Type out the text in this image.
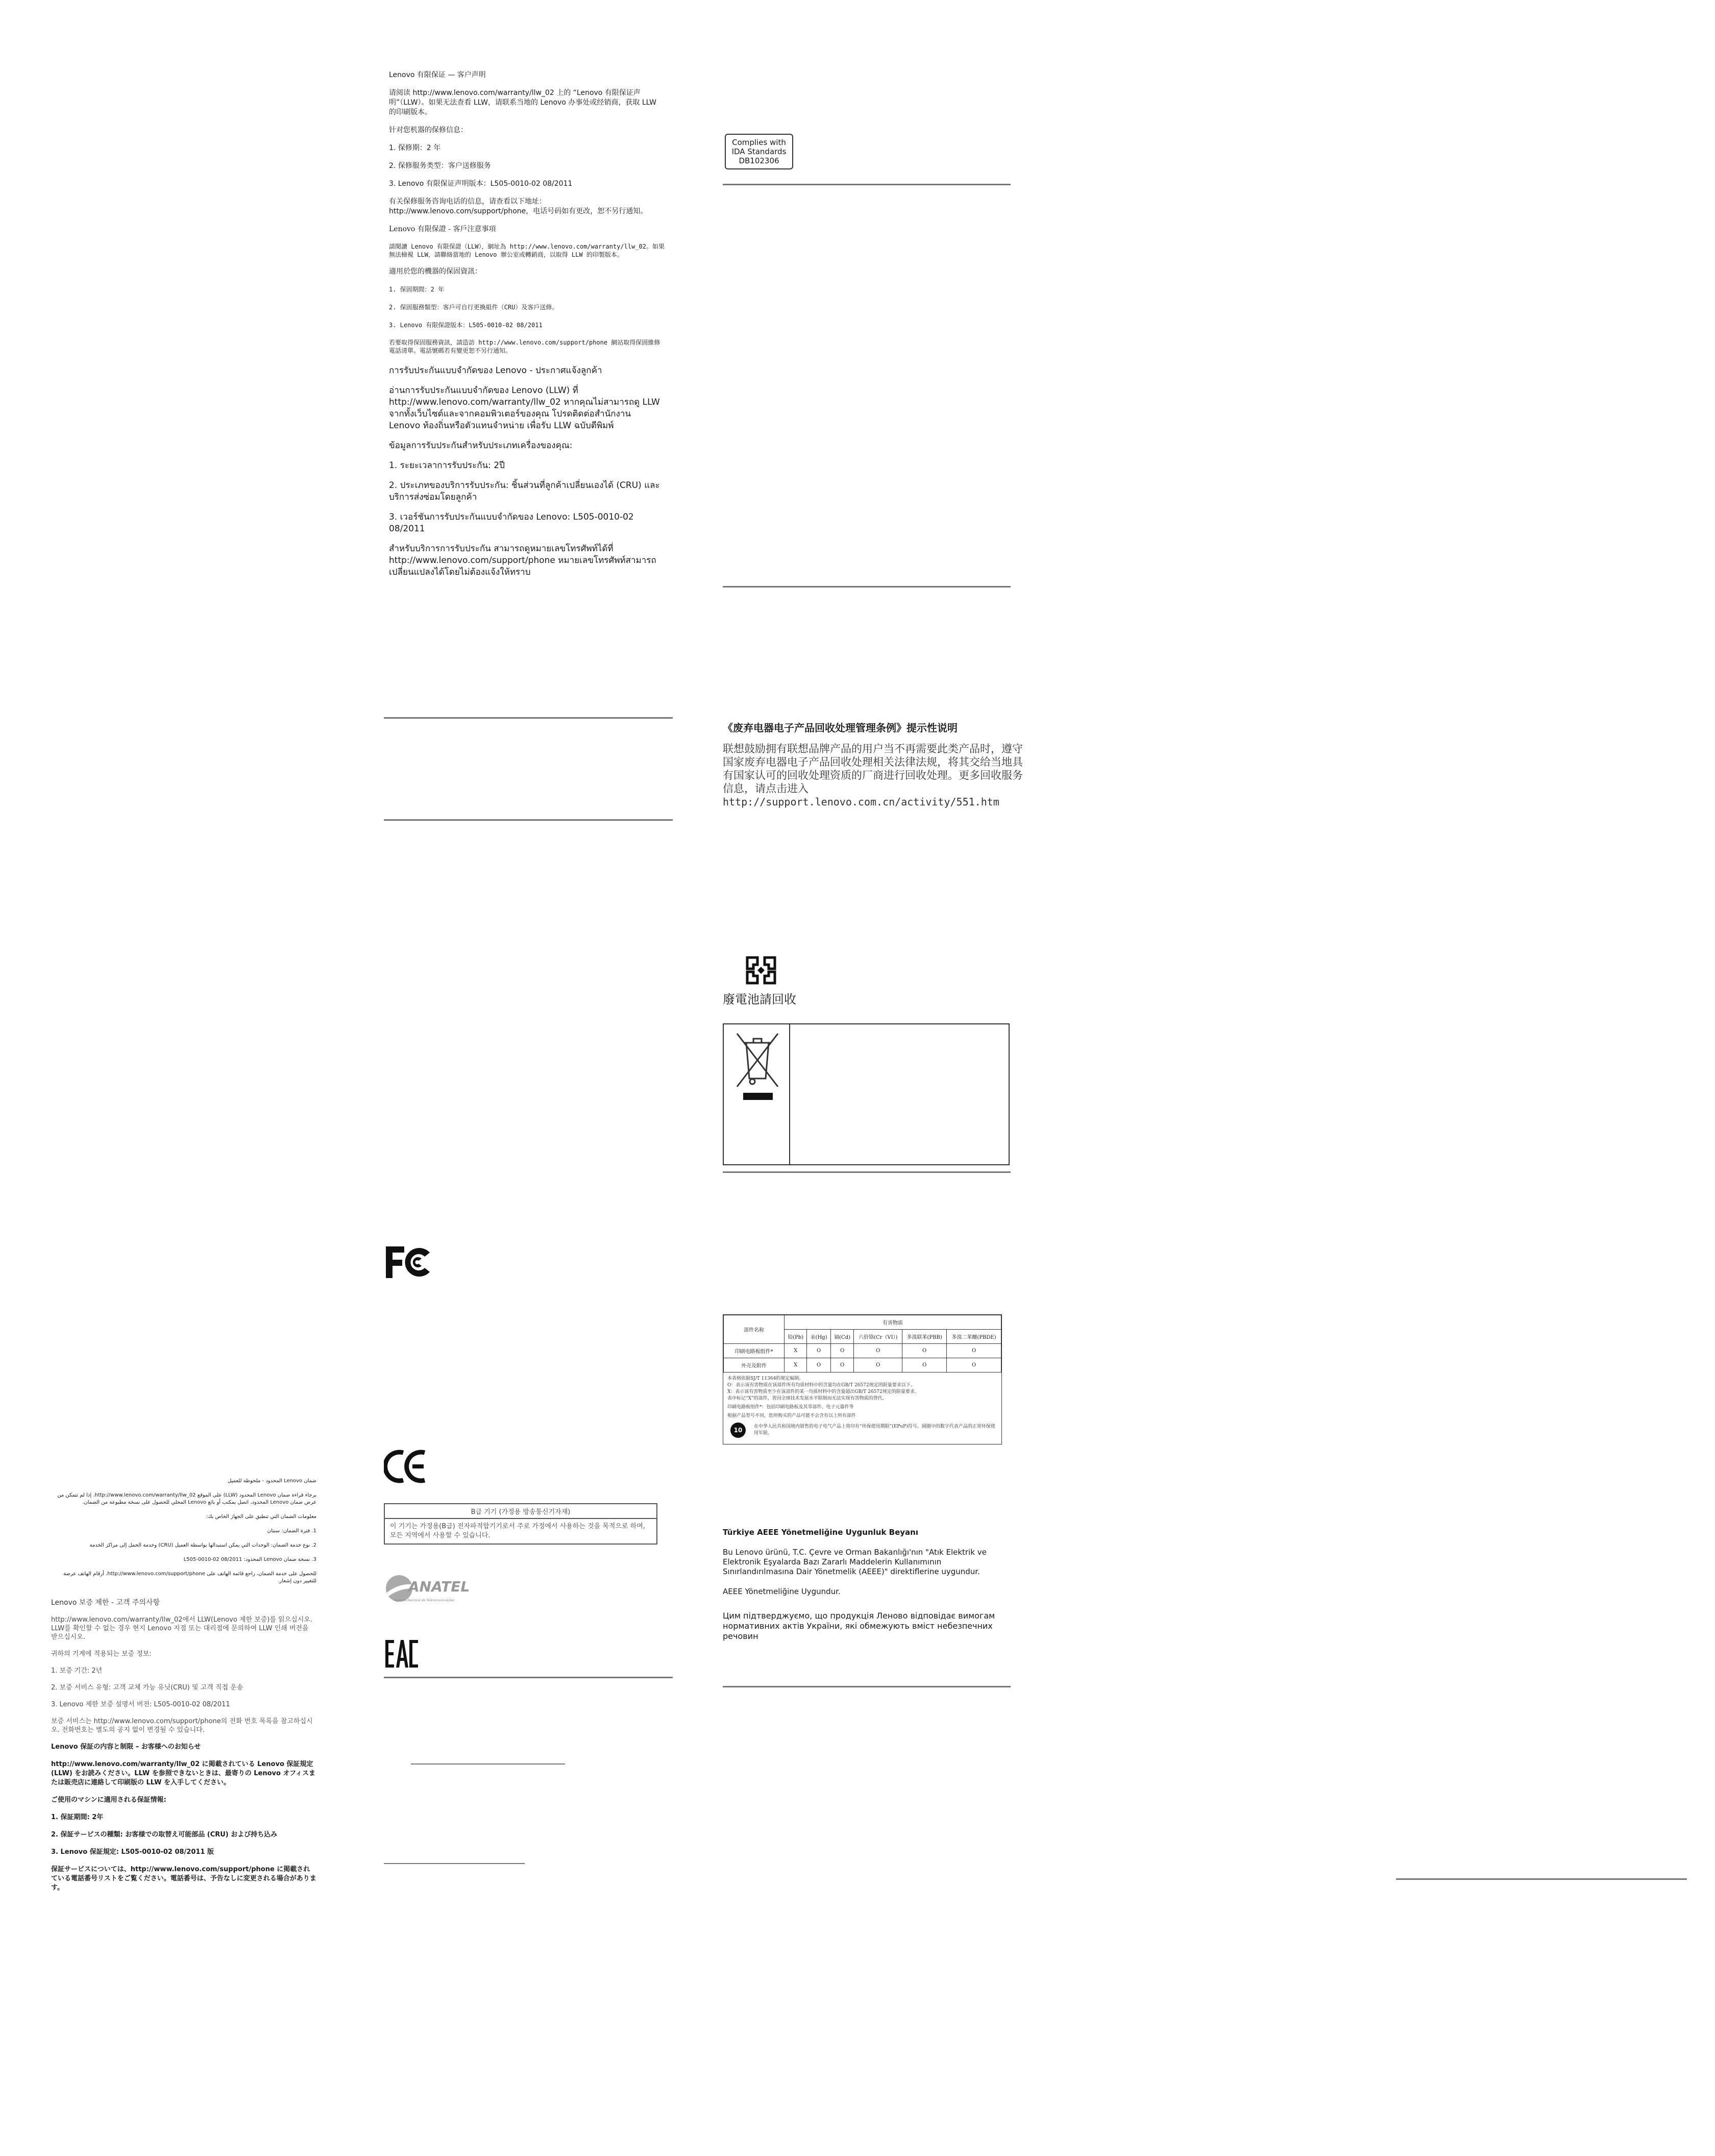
Lenovo 有限保证 — 客户声明

请阅读 http://www.lenovo.com/warranty/llw_02 上的 “Lenovo 有限保证声明”（LLW）。如果无法查看 LLW，请联系当地的 Lenovo 办事处或经销商，获取 LLW 的印刷版本。

针对您机器的保修信息：

1. 保修期：2 年

2. 保修服务类型：客户送修服务

3. Lenovo 有限保证声明版本：L505-0010-02 08/2011

有关保修服务咨询电话的信息，请查看以下地址：http://www.lenovo.com/support/phone，电话号码如有更改，恕不另行通知。

Lenovo 有限保證 - 客戶注意事項

請閱讀 Lenovo 有限保證（LLW），網址為 http://www.lenovo.com/warranty/llw_02。如果無法檢視 LLW，請聯絡當地的 Lenovo 辦公室或轉銷商，以取得 LLW 的印製版本。

適用於您的機器的保固資訊：

1. 保固期間：2 年

2. 保固服務類型：客戶可自行更換組件（CRU）及客戶送修。

3. Lenovo 有限保證版本：L505-0010-02 08/2011

若要取得保固服務資訊，請造訪 http://www.lenovo.com/support/phone 網站取得保固維修電話清單。電話號碼若有變更恕不另行通知。

การรับประกันแบบจำกัดของ Lenovo - ประกาศแจ้งลูกค้า

อ่านการรับประกันแบบจำกัดของ Lenovo (LLW) ที่ http://www.lenovo.com/warranty/llw_02 หากคุณไม่สามารถดู LLW จากทั้งเว็บไซต์และจากคอมพิวเตอร์ของคุณ โปรดติดต่อสำนักงาน Lenovo ท้องถิ่นหรือตัวแทนจำหน่าย เพื่อรับ LLW ฉบับตีพิมพ์

ข้อมูลการรับประกันสำหรับประเภทเครื่องของคุณ:

1. ระยะเวลาการรับประกัน: 2ปี

2. ประเภทของบริการรับประกัน: ชิ้นส่วนที่ลูกค้าเปลี่ยนเองได้ (CRU) และบริการส่งซ่อมโดยลูกค้า

3. เวอร์ชันการรับประกันแบบจำกัดของ Lenovo: L505-0010-02 08/2011

สำหรับบริการการรับประกัน สามารถดูหมายเลขโทรศัพท์ได้ที่ http://www.lenovo.com/support/phone หมายเลขโทรศัพท์สามารถเปลี่ยนแปลงได้โดยไม่ต้องแจ้งให้ทราบ

B급 기기 (가정용 방송통신기자재)
이 기기는 가정용(B급) 전자파적합기기로서 주로 가정에서 사용하는 것을 목적으로 하며, 모든 지역에서 사용할 수 있습니다.
ANATEL
Agência Nacional de Telecomunicações

ضمان Lenovo المحدود - ملحوظة للعميل

برجاء قراءة ضمان Lenovo المحدود (LLW) على الموقع http://www.lenovo.com/warranty/llw_02. إذا لم تتمكن من عرض ضمان Lenovo المحدود، اتصل بمكتب أو بائع Lenovo المحلي للحصول على نسخة مطبوعة من الضمان.

معلومات الضمان التي تنطبق على الجهاز الخاص بك:

1. فترة الضمان: سنتان

2. نوع خدمة الضمان: الوحدات التي يمكن استبدالها بواسطة العميل (CRU) وخدمة الحمل إلى مراكز الخدمة

3. نسخة ضمان Lenovo المحدود: L505-0010-02 08/2011

للحصول على خدمة الضمان، راجع قائمة الهاتف على http://www.lenovo.com/support/phone. أرقام الهاتف عرضة للتغيير دون إشعار.

Lenovo 보증 제한 - 고객 주의사항

http://www.lenovo.com/warranty/llw_02에서 LLW(Lenovo 제한 보증)를 읽으십시오. LLW를 확인할 수 없는 경우 현지 Lenovo 지점 또는 대리점에 문의하여 LLW 인쇄 버전을 받으십시오.

귀하의 기계에 적용되는 보증 정보:

1. 보증 기간: 2년

2. 보증 서비스 유형: 고객 교체 가능 유닛(CRU) 및 고객 직접 운송

3. Lenovo 제한 보증 설명서 버전: L505-0010-02 08/2011

보증 서비스는 http://www.lenovo.com/support/phone의 전화 번호 목록을 참고하십시오. 전화번호는 별도의 공지 없이 변경될 수 있습니다.

Lenovo 保証の内容と制限 – お客様へのお知らせ

http://www.lenovo.com/warranty/llw_02 に掲載されている Lenovo 保証規定 (LLW) をお読みください。LLW を参照できないときは、最寄りの Lenovo オフィスまたは販売店に連絡して印刷版の LLW を入手してください。

ご使用のマシンに適用される保証情報:

1. 保証期間: 2年

2. 保証サービスの種類: お客様での取替え可能部品 (CRU) および持ち込み

3. Lenovo 保証規定: L505-0010-02 08/2011 版

保証サービスについては、http://www.lenovo.com/support/phone に掲載されている電話番号リストをご覧ください。電話番号は、予告なしに変更される場合があります。

Complies with
IDA Standards
DB102306
《废弃电器电子产品回收处理管理条例》提示性说明
联想鼓励拥有联想品牌产品的用户当不再需要此类产品时，遵守国家废弃电器电子产品回收处理相关法律法规，将其交给当地具有国家认可的回收处理资质的厂商进行回收处理。更多回收服务信息，请点击进入
http://support.lenovo.com.cn/activity/551.htm
廢電池請回收
部件名称	有害物质					
	铅(Pb)	汞(Hg)	镉(Cd)	六价铬(Cr（VI）)	多溴联苯(PBB)	多溴二苯醚(PBDE)
印刷电路板组件*	X	O	O	O	O	O
外壳及附件	X	O	O	O	O	O
本表格依据SJ/T 11364的规定编制。
O：表示该有害物质在该部件所有均质材料中的含量均在GB/T 26572规定的限量要求以下。
X：表示该有害物质至少在该部件的某一均质材料中的含量超出GB/T 26572规定的限量要求。
表中标记“X”的部件，皆因全球技术发展水平限制而无法实现有害物质的替代。
印刷电路板组件*：包括印刷电路板及其零部件、电子元器件等
根据产品型号不同，您所购买的产品可能不会含有以上所有部件
10	在中华人民共和国境内销售的电子电气产品上将印有“环保使用期限”(EPuP)符号。圆圈中的数字代表产品的正常环保使用年限。
Türkiye AEEE Yönetmeliğine Uygunluk Beyanı
Bu Lenovo ürünü, T.C. Çevre ve Orman Bakanlığı'nın "Atık Elektrik ve Elektronik Eşyalarda Bazı Zararlı Maddelerin Kullanımının Sınırlandırılmasına Dair Yönetmelik (AEEE)" direktiflerine uygundur.
AEEE Yönetmeliğine Uygundur.
Цим підтверджуємо, що продукція Леново відповідає вимогам нормативних актів України, які обмежують вміст небезпечних речовин
